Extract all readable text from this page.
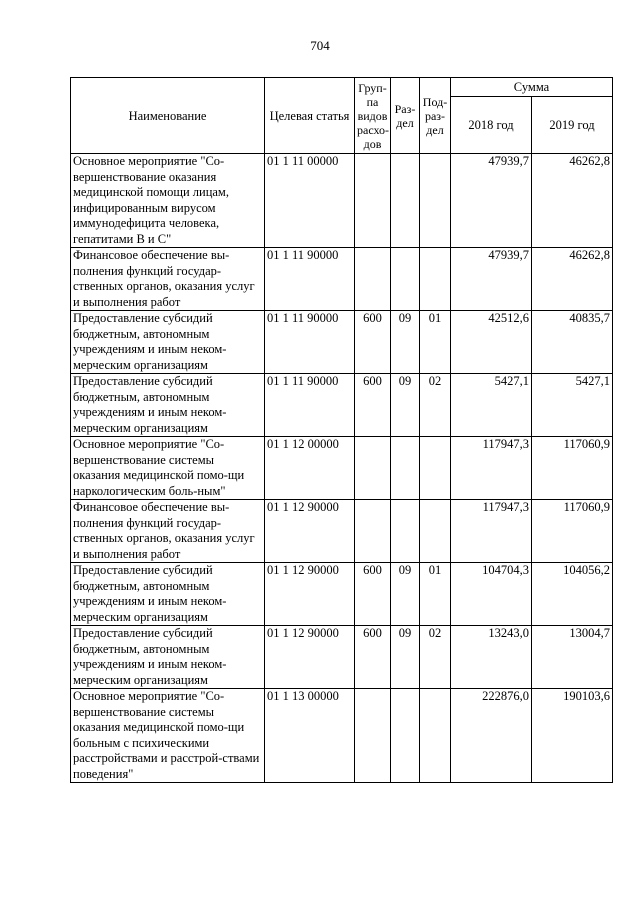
704
Наименование	Целевая статья	Груп-па видов расхо-дов	Раз-дел	Под-раз-дел	Сумма	
					2018 год	2019 год
Основное мероприятие "Со-вершенствование оказания медицинской помощи лицам, инфицированным вирусом иммунодефицита человека, гепатитами В и С"	01 1 11 00000				47939,7	46262,8
Финансовое обеспечение вы-полнения функций государ-ственных органов, оказания услуг и выполнения работ	01 1 11 90000				47939,7	46262,8
Предоставление субсидий бюджетным, автономным учреждениям и иным неком-мерческим организациям	01 1 11 90000	600	09	01	42512,6	40835,7
Предоставление субсидий бюджетным, автономным учреждениям и иным неком-мерческим организациям	01 1 11 90000	600	09	02	5427,1	5427,1
Основное мероприятие "Со-вершенствование системы оказания медицинской помо-щи наркологическим боль-ным"	01 1 12 00000				117947,3	117060,9
Финансовое обеспечение вы-полнения функций государ-ственных органов, оказания услуг и выполнения работ	01 1 12 90000				117947,3	117060,9
Предоставление субсидий бюджетным, автономным учреждениям и иным неком-мерческим организациям	01 1 12 90000	600	09	01	104704,3	104056,2
Предоставление субсидий бюджетным, автономным учреждениям и иным неком-мерческим организациям	01 1 12 90000	600	09	02	13243,0	13004,7
Основное мероприятие "Со-вершенствование системы оказания медицинской помо-щи больным с психическими расстройствами и расстрой-ствами поведения"	01 1 13 00000				222876,0	190103,6
